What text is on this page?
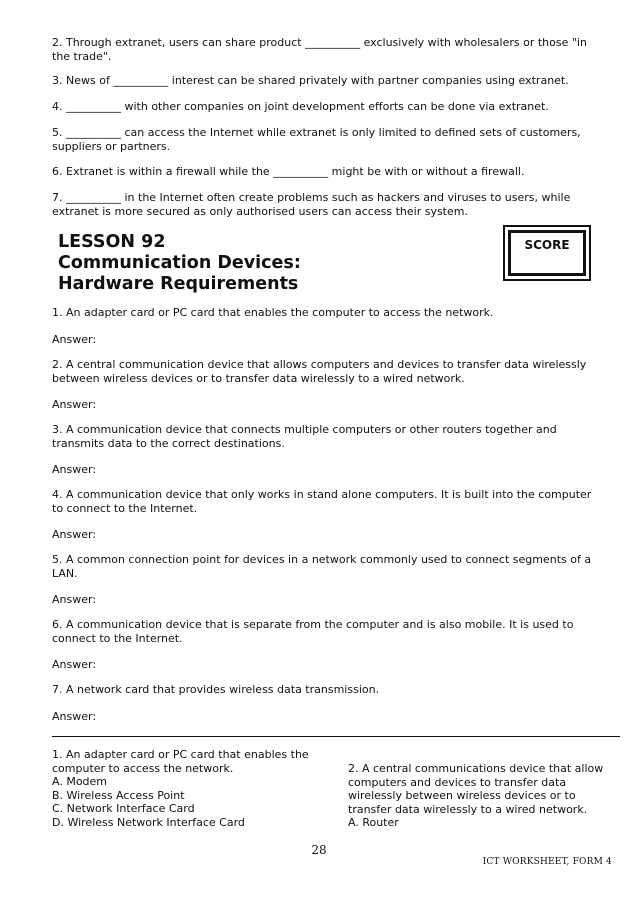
2. Through extranet, users can share product __________ exclusively with wholesalers or those "in the trade".

3. News of __________ interest can be shared privately with partner companies using extranet.

4. __________ with other companies on joint development efforts can be done via extranet.

5. __________ can access the Internet while extranet is only limited to defined sets of customers, suppliers or partners.

6. Extranet is within a firewall while the __________ might be with or without a firewall.

7. __________ in the Internet often create problems such as hackers and viruses to users, while extranet is more secured as only authorised users can access their system.

LESSON 92

Communication Devices:

Hardware Requirements

SCORE

1. An adapter card or PC card that enables the computer to access the network.

Answer:

2. A central communication device that allows computers and devices to transfer data wirelessly between wireless devices or to transfer data wirelessly to a wired network.

Answer:

3. A communication device that connects multiple computers or other routers together and transmits data to the correct destinations.

Answer:

4. A communication device that only works in stand alone computers. It is built into the computer to connect to the Internet.

Answer:

5. A common connection point for devices in a network commonly used to connect segments of a LAN.

Answer:

6. A communication device that is separate from the computer and is also mobile. It is used to connect to the Internet.

Answer:

7. A network card that provides wireless data transmission.

Answer:

1. An adapter card or PC card that enables the
computer to access the network.
A. Modem
B. Wireless Access Point
C. Network Interface Card
D. Wireless Network Interface Card
2. A central communications device that allow
computers and devices to transfer data
wirelessly between wireless devices or to
transfer data wirelessly to a wired network.
A. Router
28
ICT WORKSHEET, FORM 4
